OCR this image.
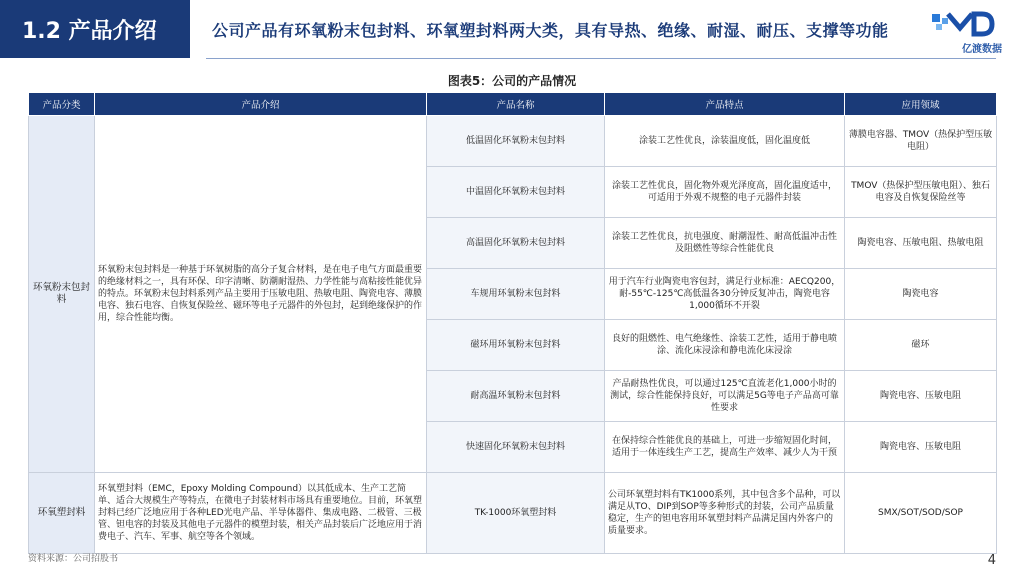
1.2 产品介绍	公司产品有环氧粉末包封料、环氧塑封料两大类，具有导热、绝缘、耐湿、耐压、支撑等功能
亿渡数据
图表5：公司的产品情况
产品分类	产品介绍	产品名称	产品特点	应用领域
环氧粉末包封料	环氧粉末包封料是一种基于环氧树脂的高分子复合材料，是在电子电气方面最重要的绝缘材料之一，具有环保、印字清晰、防潮耐湿热、力学性能与高粘接性能优异的特点。环氧粉末包封料系列产品主要用于压敏电阻、热敏电阻、陶瓷电容、薄膜电容、独石电容、自恢复保险丝、磁环等电子元器件的外包封，起到绝缘保护的作用，综合性能均衡。	低温固化环氧粉末包封料	涂装工艺性优良，涂装温度低，固化温度低	薄膜电容器、TMOV（热保护型压敏电阻）
		中温固化环氧粉末包封料	涂装工艺性优良，固化物外观光泽度高，固化温度适中，可适用于外观不规整的电子元器件封装	TMOV（热保护型压敏电阻）、独石电容及自恢复保险丝等
		高温固化环氧粉末包封料	涂装工艺性优良，抗电强度、耐潮湿性、耐高低温冲击性及阻燃性等综合性能优良	陶瓷电容、压敏电阻、热敏电阻
		车规用环氧粉末包封料	用于汽车行业陶瓷电容包封，满足行业标准：AECQ200，耐-55℃-125℃高低温各30分钟反复冲击，陶瓷电容1,000循环不开裂	陶瓷电容
		磁环用环氧粉末包封料	良好的阻燃性、电气绝缘性、涂装工艺性，适用于静电喷涂、流化床浸涂和静电流化床浸涂	磁环
		耐高温环氧粉末包封料	产品耐热性优良，可以通过125℃直流老化1,000小时的测试，综合性能保持良好，可以满足5G等电子产品高可靠性要求	陶瓷电容、压敏电阻
		快速固化环氧粉末包封料	在保持综合性能优良的基础上，可进一步缩短固化时间，适用于一体连线生产工艺，提高生产效率、减少人为干预	陶瓷电容、压敏电阻
环氧塑封料	环氧塑封料（EMC，Epoxy Molding Compound）以其低成本、生产工艺简单、适合大规模生产等特点，在微电子封装材料市场具有重要地位。目前，环氧塑封料已经广泛地应用于各种LED光电产品、半导体器件、集成电路、二极管、三极管、钽电容的封装及其他电子元器件的模塑封装，相关产品封装后广泛地应用于消费电子、汽车、军事、航空等各个领域。	TK-1000环氧塑封料	公司环氧塑封料有TK1000系列，其中包含多个品种，可以满足从TO、DIP到SOP等多种形式的封装，公司产品质量稳定，生产的钽电容用环氧塑封料产品满足国内外客户的质量要求。	SMX/SOT/SOD/SOP
资料来源：公司招股书	4
